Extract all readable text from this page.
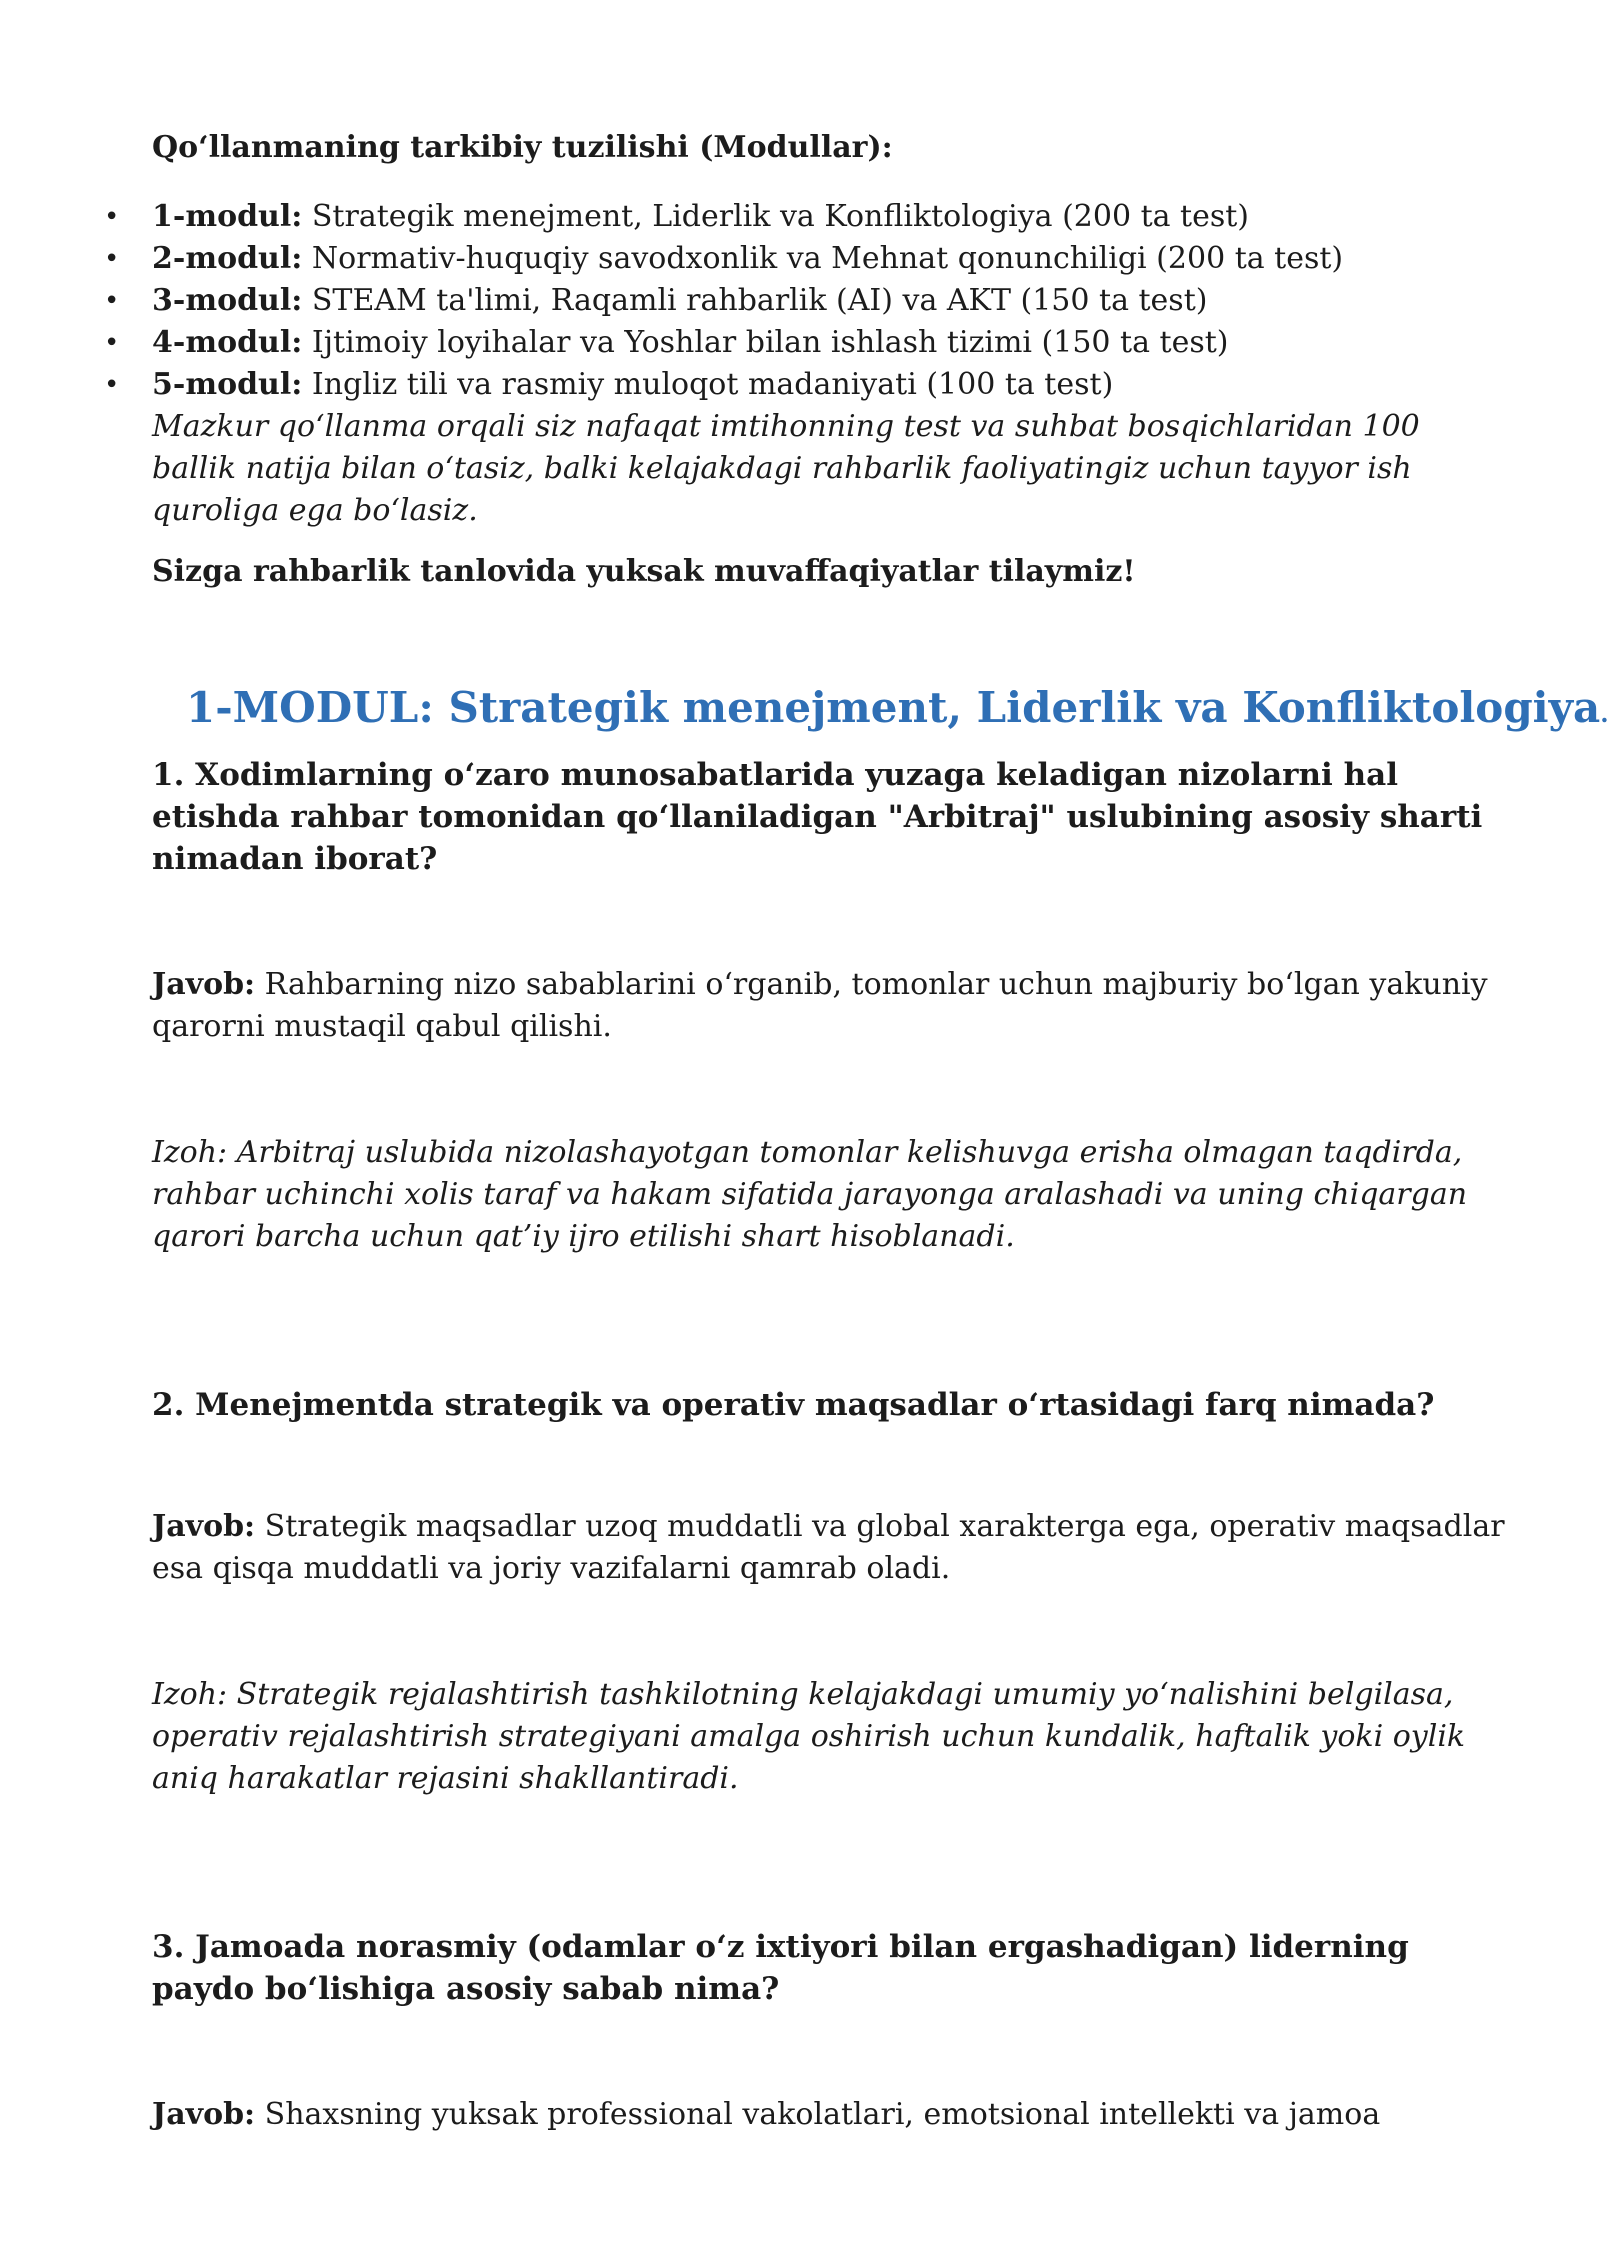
Qo‘llanmaning tarkibiy tuzilishi (Modullar):

• 1-modul: Strategik menejment, Liderlik va Konfliktologiya (200 ta test)
• 2-modul: Normativ-huquqiy savodxonlik va Mehnat qonunchiligi (200 ta test)
• 3-modul: STEAM ta'limi, Raqamli rahbarlik (AI) va AKT (150 ta test)
• 4-modul: Ijtimoiy loyihalar va Yoshlar bilan ishlash tizimi (150 ta test)
• 5-modul: Ingliz tili va rasmiy muloqot madaniyati (100 ta test)

Mazkur qo‘llanma orqali siz nafaqat imtihonning test va suhbat bosqichlaridan 100 ballik natija bilan o‘tasiz, balki kelajakdagi rahbarlik faoliyatingiz uchun tayyor ish quroliga ega bo‘lasiz.

Sizga rahbarlik tanlovida yuksak muvaffaqiyatlar tilaymiz!

1-MODUL: Strategik menejment, Liderlik va Konfliktologiya.

1. Xodimlarning o‘zaro munosabatlarida yuzaga keladigan nizolarni hal etishda rahbar tomonidan qo‘llaniladigan "Arbitraj" uslubining asosiy sharti nimadan iborat?

Javob: Rahbarning nizo sabablarini o‘rganib, tomonlar uchun majburiy bo‘lgan yakuniy qarorni mustaqil qabul qilishi.

Izoh: Arbitraj uslubida nizolashayotgan tomonlar kelishuvga erisha olmagan taqdirda, rahbar uchinchi xolis taraf va hakam sifatida jarayonga aralashadi va uning chiqargan qarori barcha uchun qat’iy ijro etilishi shart hisoblanadi.

2. Menejmentda strategik va operativ maqsadlar o‘rtasidagi farq nimada?

Javob: Strategik maqsadlar uzoq muddatli va global xarakterga ega, operativ maqsadlar esa qisqa muddatli va joriy vazifalarni qamrab oladi.

Izoh: Strategik rejalashtirish tashkilotning kelajakdagi umumiy yo‘nalishini belgilasa, operativ rejalashtirish strategiyani amalga oshirish uchun kundalik, haftalik yoki oylik aniq harakatlar rejasini shakllantiradi.

3. Jamoada norasmiy (odamlar o‘z ixtiyori bilan ergashadigan) liderning paydo bo‘lishiga asosiy sabab nima?

Javob: Shaxsning yuksak professional vakolatlari, emotsional intellekti va jamoa
